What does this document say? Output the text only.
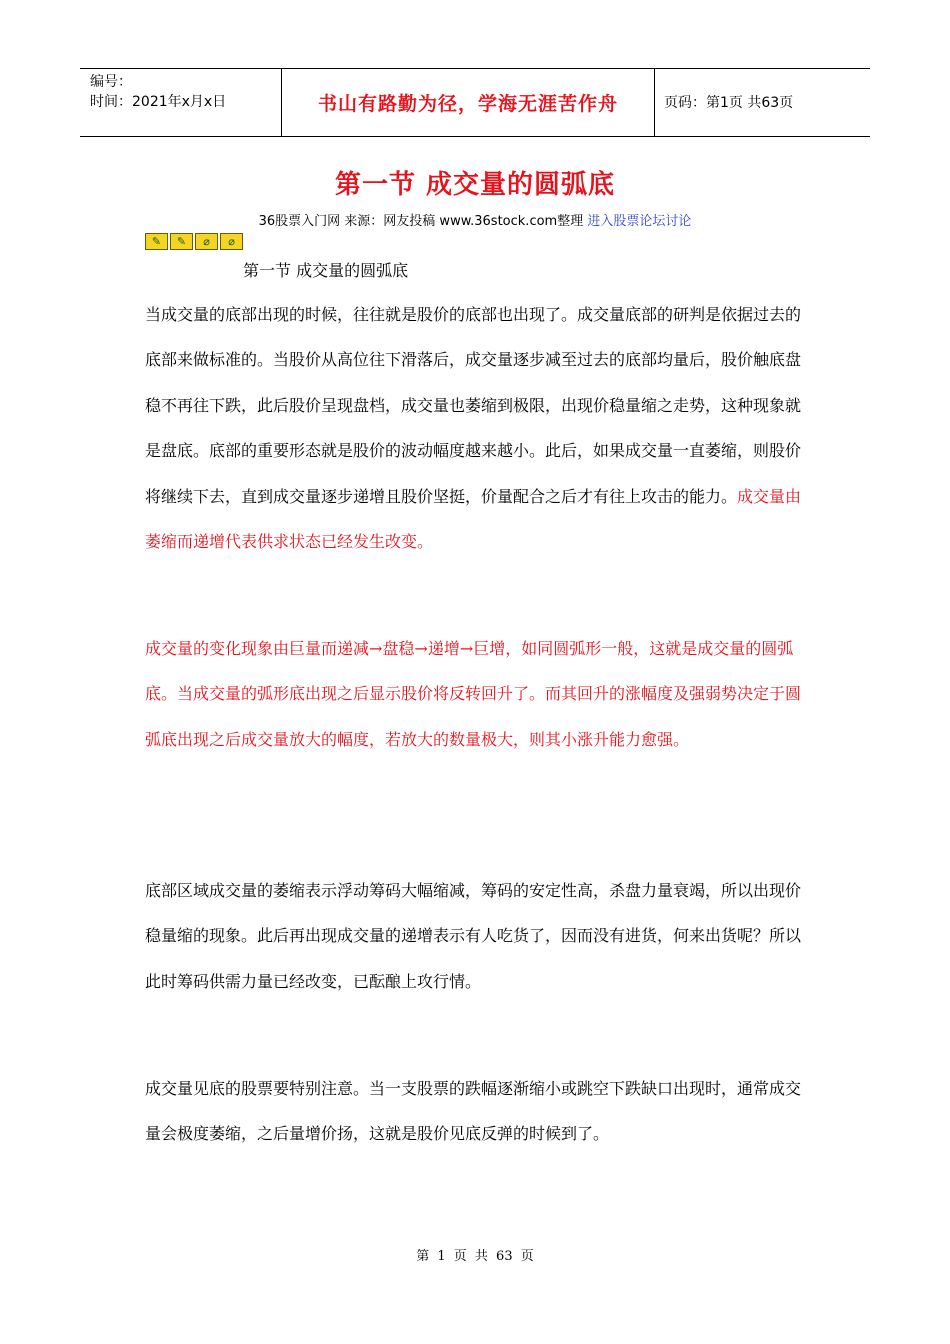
编号：
时间：2021年x月x日	书山有路勤为径，学海无涯苦作舟	页码：第1页 共63页
第一节 成交量的圆弧底
36股票入门网 来源：网友投稿 www.36stock.com整理 进入股票论坛讨论
✎	✎	⌀	⌀
第一节 成交量的圆弧底
当成交量的底部出现的时候，往往就是股价的底部也出现了。成交量底部的研判是依据过去的底部来做标准的。当股价从高位往下滑落后，成交量逐步减至过去的底部均量后，股价触底盘稳不再往下跌，此后股价呈现盘档，成交量也萎缩到极限，出现价稳量缩之走势，这种现象就是盘底。底部的重要形态就是股价的波动幅度越来越小。此后，如果成交量一直萎缩，则股价将继续下去，直到成交量逐步递增且股价坚挺，价量配合之后才有往上攻击的能力。成交量由萎缩而递增代表供求状态已经发生改变。
成交量的变化现象由巨量而递减→盘稳→递增→巨增，如同圆弧形一般，这就是成交量的圆弧底。当成交量的弧形底出现之后显示股价将反转回升了。而其回升的涨幅度及强弱势决定于圆弧底出现之后成交量放大的幅度，若放大的数量极大，则其小涨升能力愈强。
底部区域成交量的萎缩表示浮动筹码大幅缩减，筹码的安定性高，杀盘力量衰竭，所以出现价稳量缩的现象。此后再出现成交量的递增表示有人吃货了，因而没有进货，何来出货呢？所以此时筹码供需力量已经改变，已酝酿上攻行情。
成交量见底的股票要特别注意。当一支股票的跌幅逐渐缩小或跳空下跌缺口出现时，通常成交量会极度萎缩，之后量增价扬，这就是股价见底反弹的时候到了。
第 1 页 共 63 页
